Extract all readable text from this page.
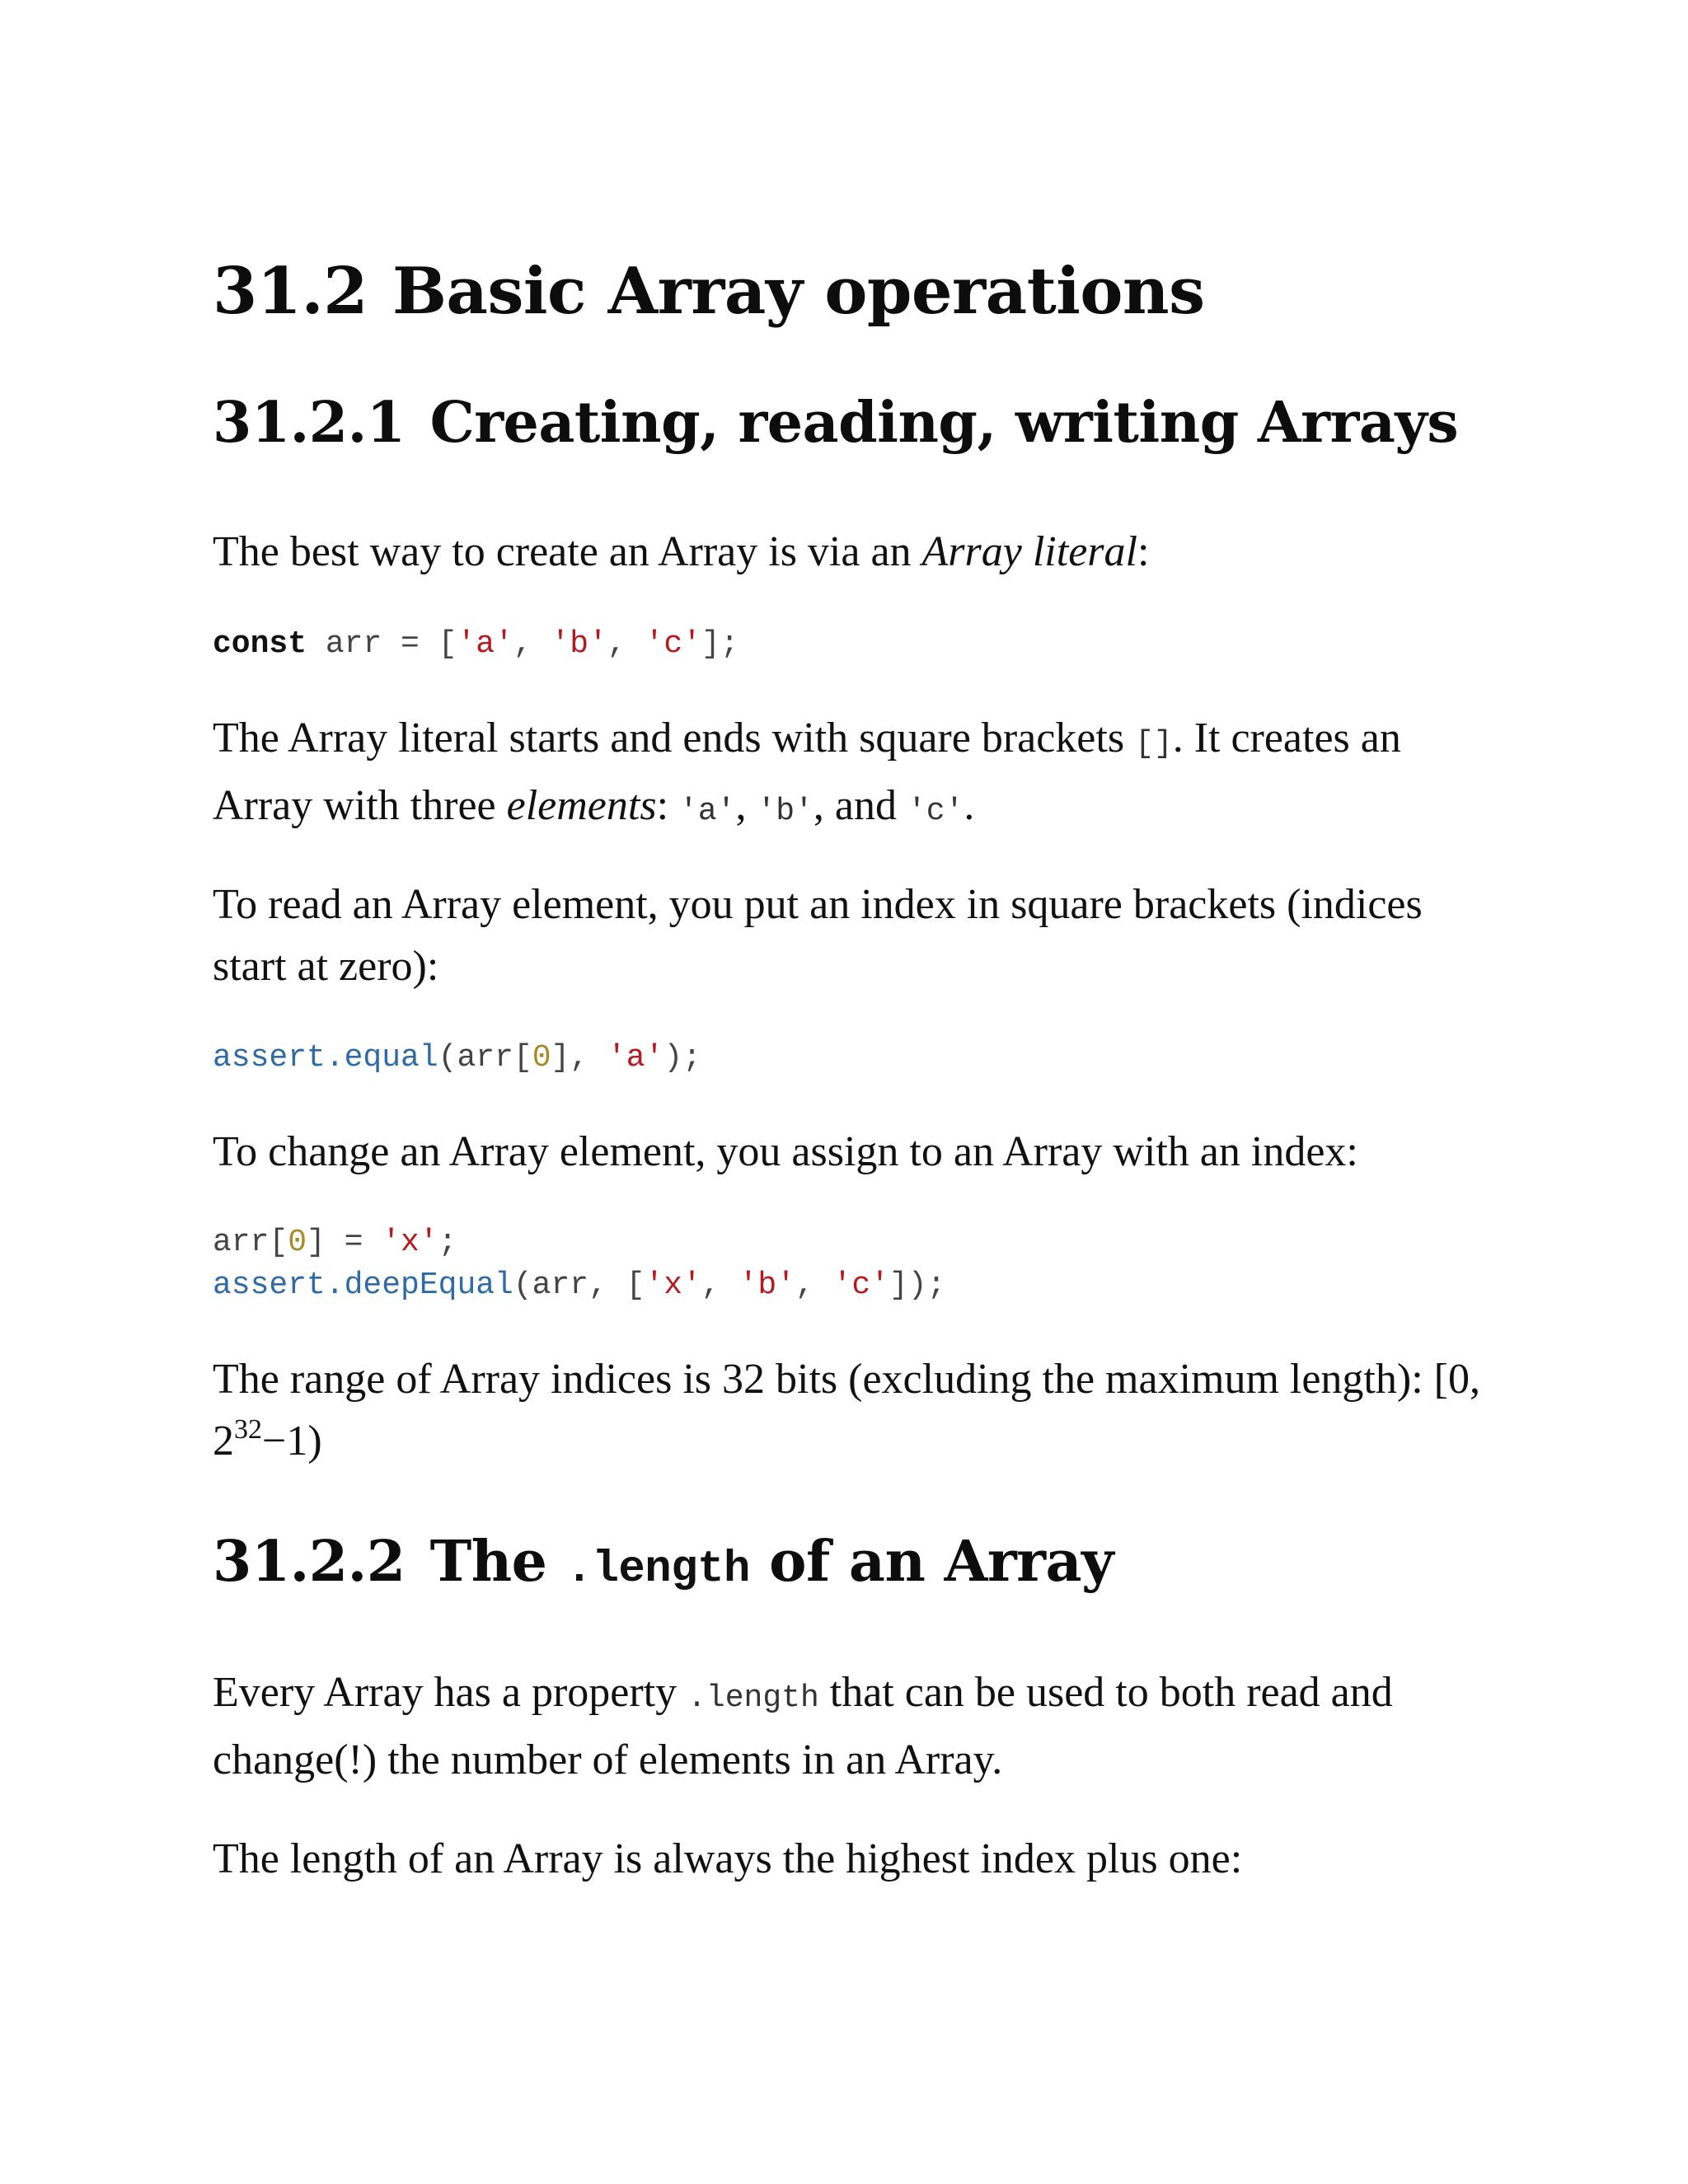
31.2 Basic Array operations
31.2.1 Creating, reading, writing Arrays

The best way to create an Array is via an Array literal:

const arr = ['a', 'b', 'c'];

The Array literal starts and ends with square brackets []. It creates an Array with three elements: 'a', 'b', and 'c'.

To read an Array element, you put an index in square brackets (indices start at zero):

assert.equal(arr[0], 'a');

To change an Array element, you assign to an Array with an index:

arr[0] = 'x';
assert.deepEqual(arr, ['x', 'b', 'c']);

The range of Array indices is 32 bits (excluding the maximum length): [0, $2^{32}-1$)

31.2.2 The .length of an Array

Every Array has a property .length that can be used to both read and change(!) the number of elements in an Array.

The length of an Array is always the highest index plus one:
